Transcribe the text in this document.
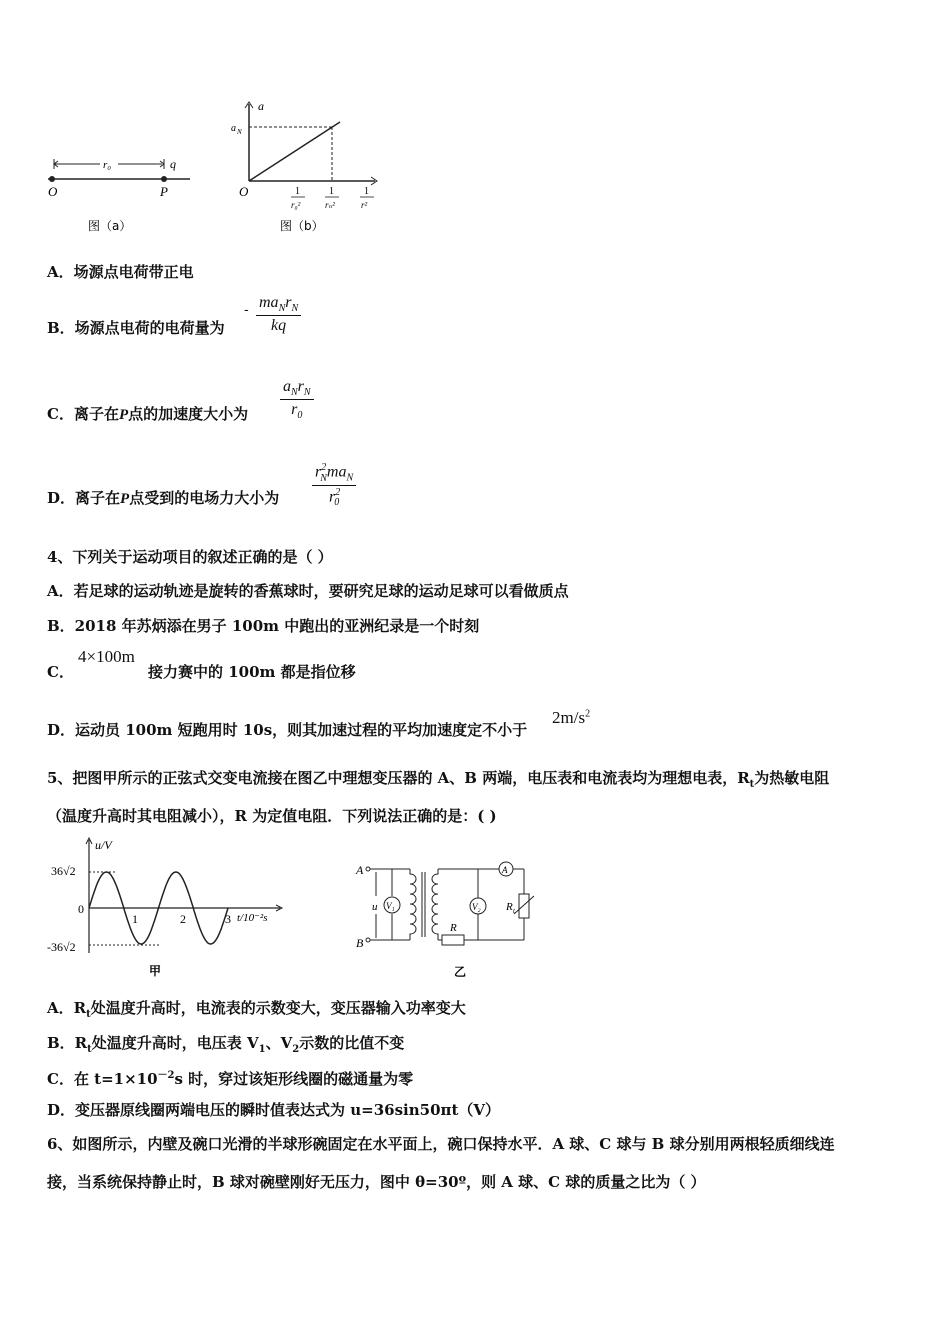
r₀	q
O	P
图（a）
a
a N
O	1
r₀²
1
rₙ²
1
r²
图（b）
A．场源点电荷带正电
B．场源点电荷的电荷量为
- $ma_Nr_N$
kq
C．离子在P点的加速度大小为 $\frac{a_Nr_N}{r_0}$
D．离子在P点受到的电场力大小为 $\frac{r^2_Nma_N}{r^2_0}$
4、下列关于运动项目的叙述正确的是（ ）
A．若足球的运动轨迹是旋转的香蕉球时，要研究足球的运动足球可以看做质点
B．2018 年苏炳添在男子 100m 中跑出的亚洲纪录是一个时刻
C．
4×100m
接力赛中的 100m 都是指位移
D．运动员 100m 短跑用时 10s，则其加速过程的平均加速度定不小于
$2m/s^2$
5、把图甲所示的正弦式交变电流接在图乙中理想变压器的 A、B 两端，电压表和电流表均为理想电表，$R_t$为热敏电阻
（温度升高时其电阻减小），R 为定值电阻．下列说法正确的是：( )
u/V
36√2
-36√2
0
1	2	3 t/10⁻²s
甲
A
B
u V₁
R
V₂
A
R t
乙
A．$R_t$处温度升高时，电流表的示数变大，变压器输入功率变大
B．$R_t$处温度升高时，电压表 $V_1$、$V_2$示数的比值不变
C．在 $t=1\times 10^{-2}s$ 时，穿过该矩形线圈的磁通量为零
D．变压器原线圈两端电压的瞬时值表达式为 u=36sin50πt（V）
6、如图所示，内壁及碗口光滑的半球形碗固定在水平面上，碗口保持水平．A 球、C 球与 B 球分别用两根轻质细线连
接，当系统保持静止时，B 球对碗壁刚好无压力，图中 θ=30º，则 A 球、C 球的质量之比为（ ）
